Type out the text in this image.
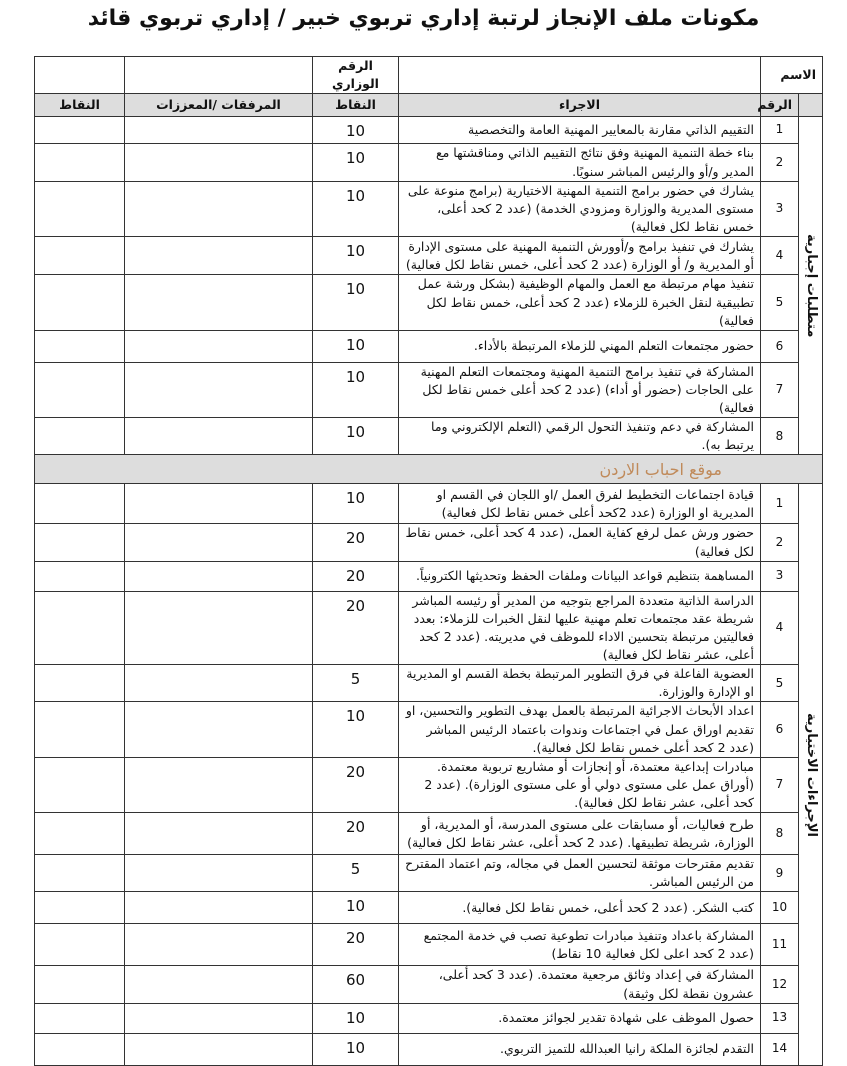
مكونات ملف الإنجاز لرتبة إداري تربوي خبير / إداري تربوي قائد
الاسم			الرقم الوزاري		
	الرقم	الاجراء	النقاط	المرفقات /المعززات	النقاط
متطلبات إجبارية	1	التقييم الذاتي مقارنة بالمعايير المهنية العامة والتخصصية	10		
	2	بناء خطة التنمية المهنية وفق نتائج التقييم الذاتي ومناقشتها مع المدير و/أو والرئيس المباشر سنويًا.	10		
	3	يشارك في حضور برامج التنمية المهنية الاختيارية (برامج منوعة على مستوى المديرية والوزارة ومزودي الخدمة) (عدد 2 كحد أعلى، خمس نقاط لكل فعالية)	10		
	4	يشارك في تنفيذ برامج و/أوورش التنمية المهنية على مستوى الإدارة أو المديرية و/ أو الوزارة (عدد 2 كحد أعلى، خمس نقاط لكل فعالية)	10		
	5	تنفيذ مهام مرتبطة مع العمل والمهام الوظيفية (بشكل ورشة عمل تطبيقية لنقل الخبرة للزملاء (عدد 2 كحد أعلى، خمس نقاط لكل فعالية)	10		
	6	حضور مجتمعات التعلم المهني للزملاء المرتبطة بالأداء.	10		
	7	المشاركة في تنفيذ برامج التنمية المهنية ومجتمعات التعلم المهنية على الحاجات (حضور أو أداء) (عدد 2 كحد أعلى خمس نقاط لكل فعالية)	10		
	8	المشاركة في دعم وتنفيذ التحول الرقمي (التعلم الإلكتروني وما يرتبط به).	10		
موقع احباب الاردن					
الإجراءات الاختيارية	1	قيادة اجتماعات التخطيط لفرق العمل /او اللجان في القسم او المديرية او الوزارة (عدد 2كحد أعلى خمس نقاط لكل فعالية)	10		
	2	حضور ورش عمل لرفع كفاية العمل، (عدد 4 كحد أعلى، خمس نقاط لكل فعالية)	20		
	3	المساهمة بتنظيم قواعد البيانات وملفات الحفظ وتحديثها الكترونياً.	20		
	4	الدراسة الذاتية متعددة المراجع بتوجيه من المدير أو رئيسه المباشر شريطة عقد مجتمعات تعلم مهنية عليها لنقل الخبرات للزملاء: بعدد فعاليتين مرتبطة بتحسين الاداء للموظف في مديريته. (عدد 2 كحد أعلى، عشر نقاط لكل فعالية)	20		
	5	العضوية الفاعلة في فرق التطوير المرتبطة بخطة القسم او المديرية او الإدارة والوزارة.	5		
	6	اعداد الأبحاث الاجرائية المرتبطة بالعمل بهدف التطوير والتحسين، او تقديم اوراق عمل في اجتماعات وندوات باعتماد الرئيس المباشر (عدد 2 كحد أعلى خمس نقاط لكل فعالية).	10		
	7	مبادرات إبداعية معتمدة، أو إنجازات أو مشاريع تربوية معتمدة. (أوراق عمل على مستوى دولي أو على مستوى الوزارة). (عدد 2 كحد أعلى، عشر نقاط لكل فعالية).	20		
	8	طرح فعاليات، أو مسابقات على مستوى المدرسة، أو المديرية، أو الوزارة، شريطة تطبيقها. (عدد 2 كحد أعلى، عشر نقاط لكل فعالية)	20		
	9	تقديم مقترحات موثقة لتحسين العمل في مجاله، وتم اعتماد المقترح من الرئيس المباشر.	5		
	10	كتب الشكر. (عدد 2 كحد أعلى، خمس نقاط لكل فعالية).	10		
	11	المشاركة باعداد وتنفيذ مبادرات تطوعية تصب في خدمة المجتمع (عدد 2 كحد اعلى لكل فعالية 10 نقاط)	20		
	12	المشاركة في إعداد وثائق مرجعية معتمدة. (عدد 3 كحد أعلى، عشرون نقطة لكل وثيقة)	60		
	13	حصول الموظف على شهادة تقدير لجوائز معتمدة.	10		
	14	التقدم لجائزة الملكة رانيا العبدالله للتميز التربوي.	10		
